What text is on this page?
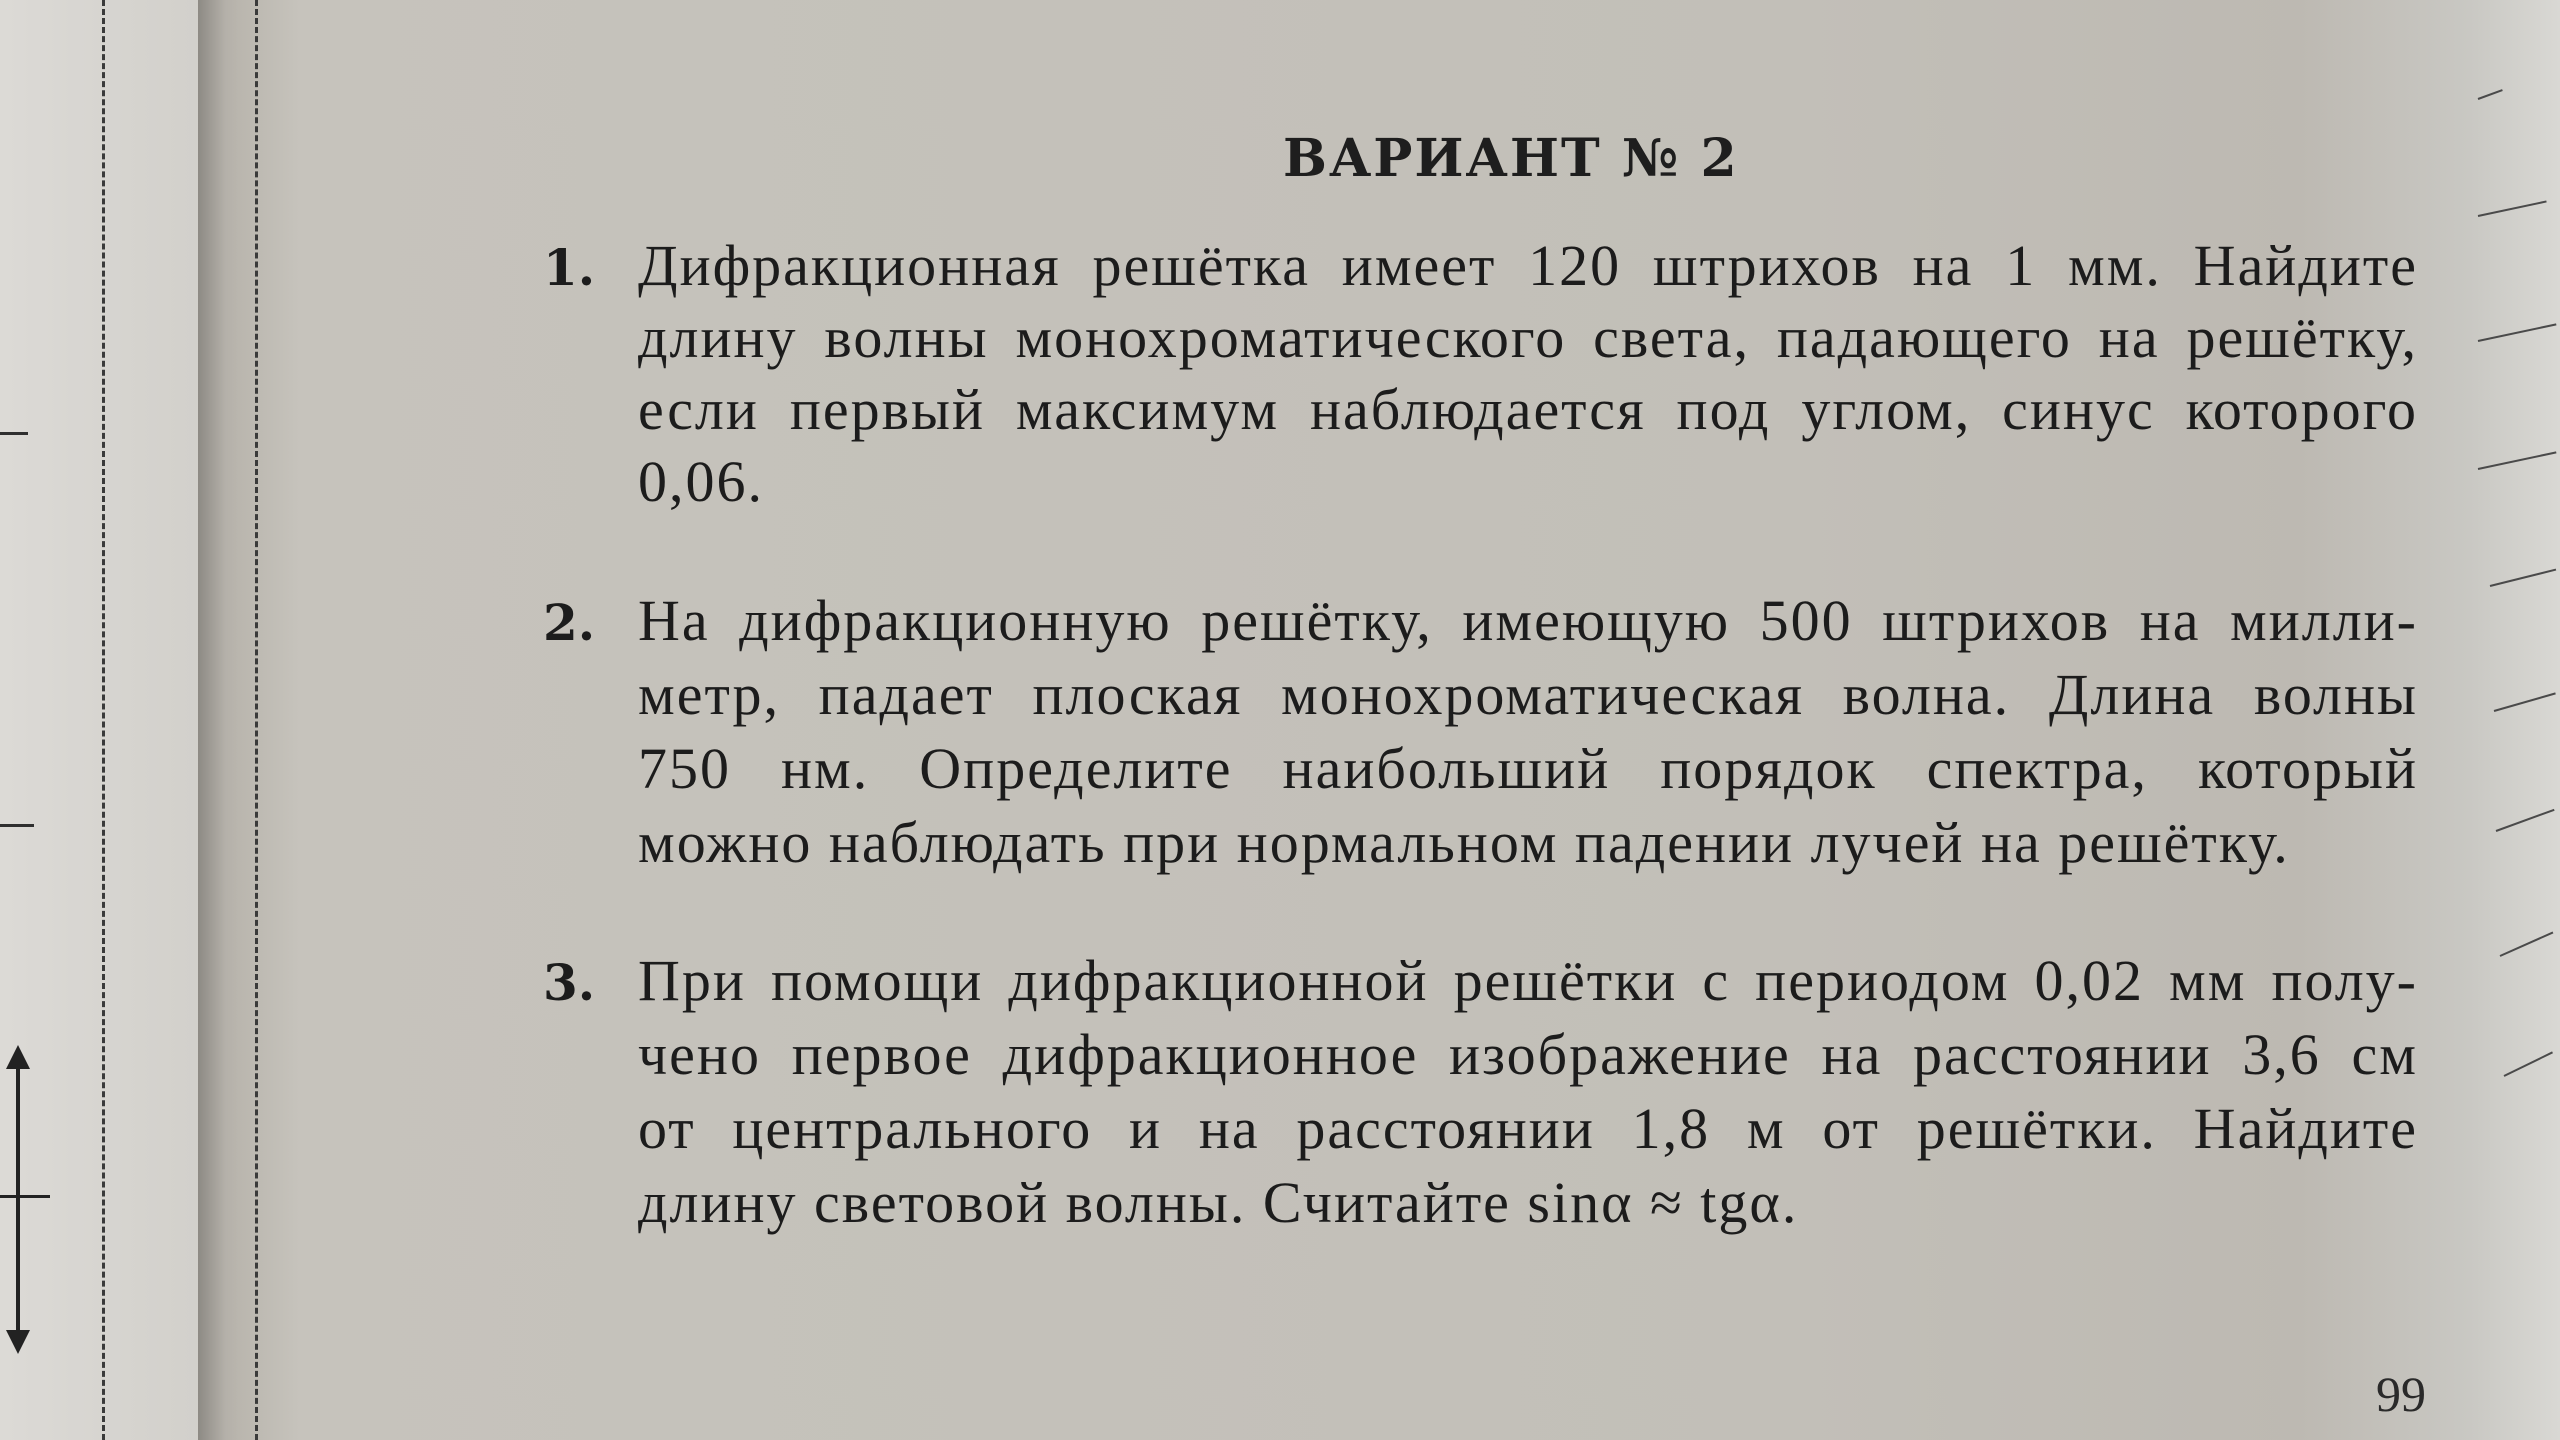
ВАРИАНТ № 2
1. Дифракционная решётка имеет 120 штрихов на 1 мм. Найдите
длину волны монохроматического света, падающего на решётку,
если первый максимум наблюдается под углом, синус которого
0,06.
2. На дифракционную решётку, имеющую 500 штрихов на милли-
метр, падает плоская монохроматическая волна. Длина волны
750 нм. Определите наибольший порядок спектра, который
можно наблюдать при нормальном падении лучей на решётку.
3. При помощи дифракционной решётки с периодом 0,02 мм полу-
чено первое дифракционное изображение на расстоянии 3,6 см
от центрального и на расстоянии 1,8 м от решётки. Найдите
длину световой волны. Считайте sinα ≈ tgα.
99
